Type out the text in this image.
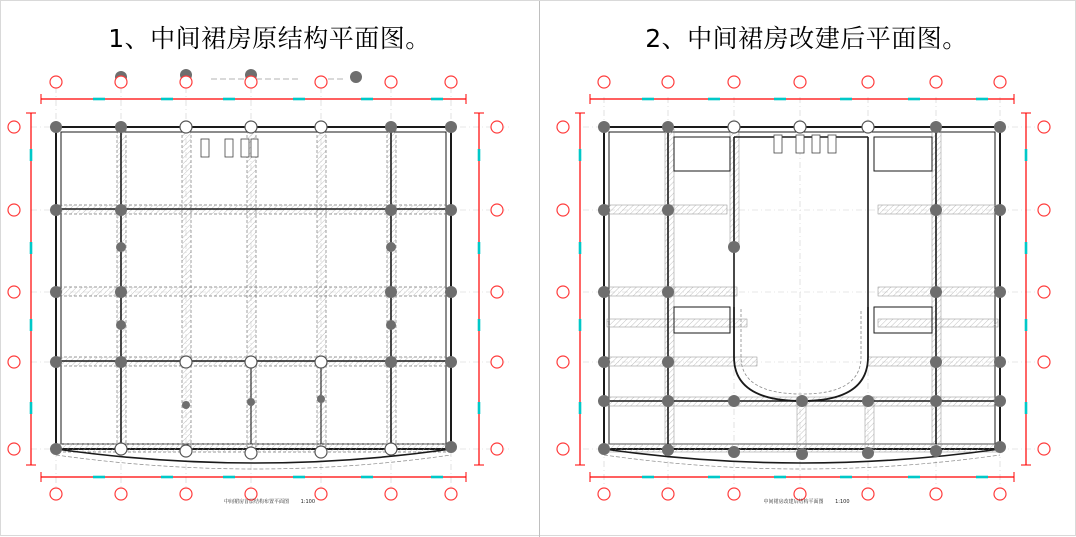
1、中间裙房原结构平面图。
中间裙房首层结构布置平面图 1:100
2、中间裙房改建后平面图。
中间裙房改建后结构平面图 1:100
